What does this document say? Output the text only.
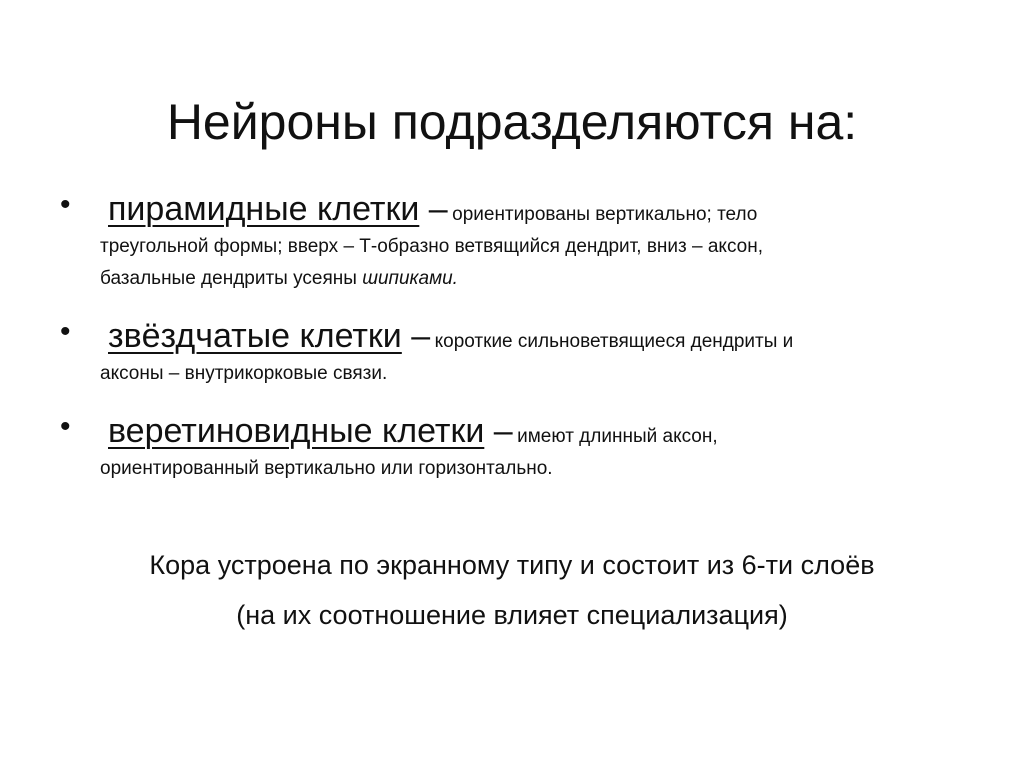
Нейроны подразделяются на:
• пирамидные клетки – ориентированы вертикально; тело
треугольной формы; вверх – Т-образно ветвящийся дендрит, вниз – аксон,
базальные дендриты усеяны шипиками.
• звёздчатые клетки – короткие сильноветвящиеся дендриты и
аксоны – внутрикорковые связи.
• веретиновидные клетки – имеют длинный аксон,
ориентированный вертикально или горизонтально.
Кора устроена по экранному типу и состоит из 6-ти слоёв
(на их соотношение влияет специализация)
